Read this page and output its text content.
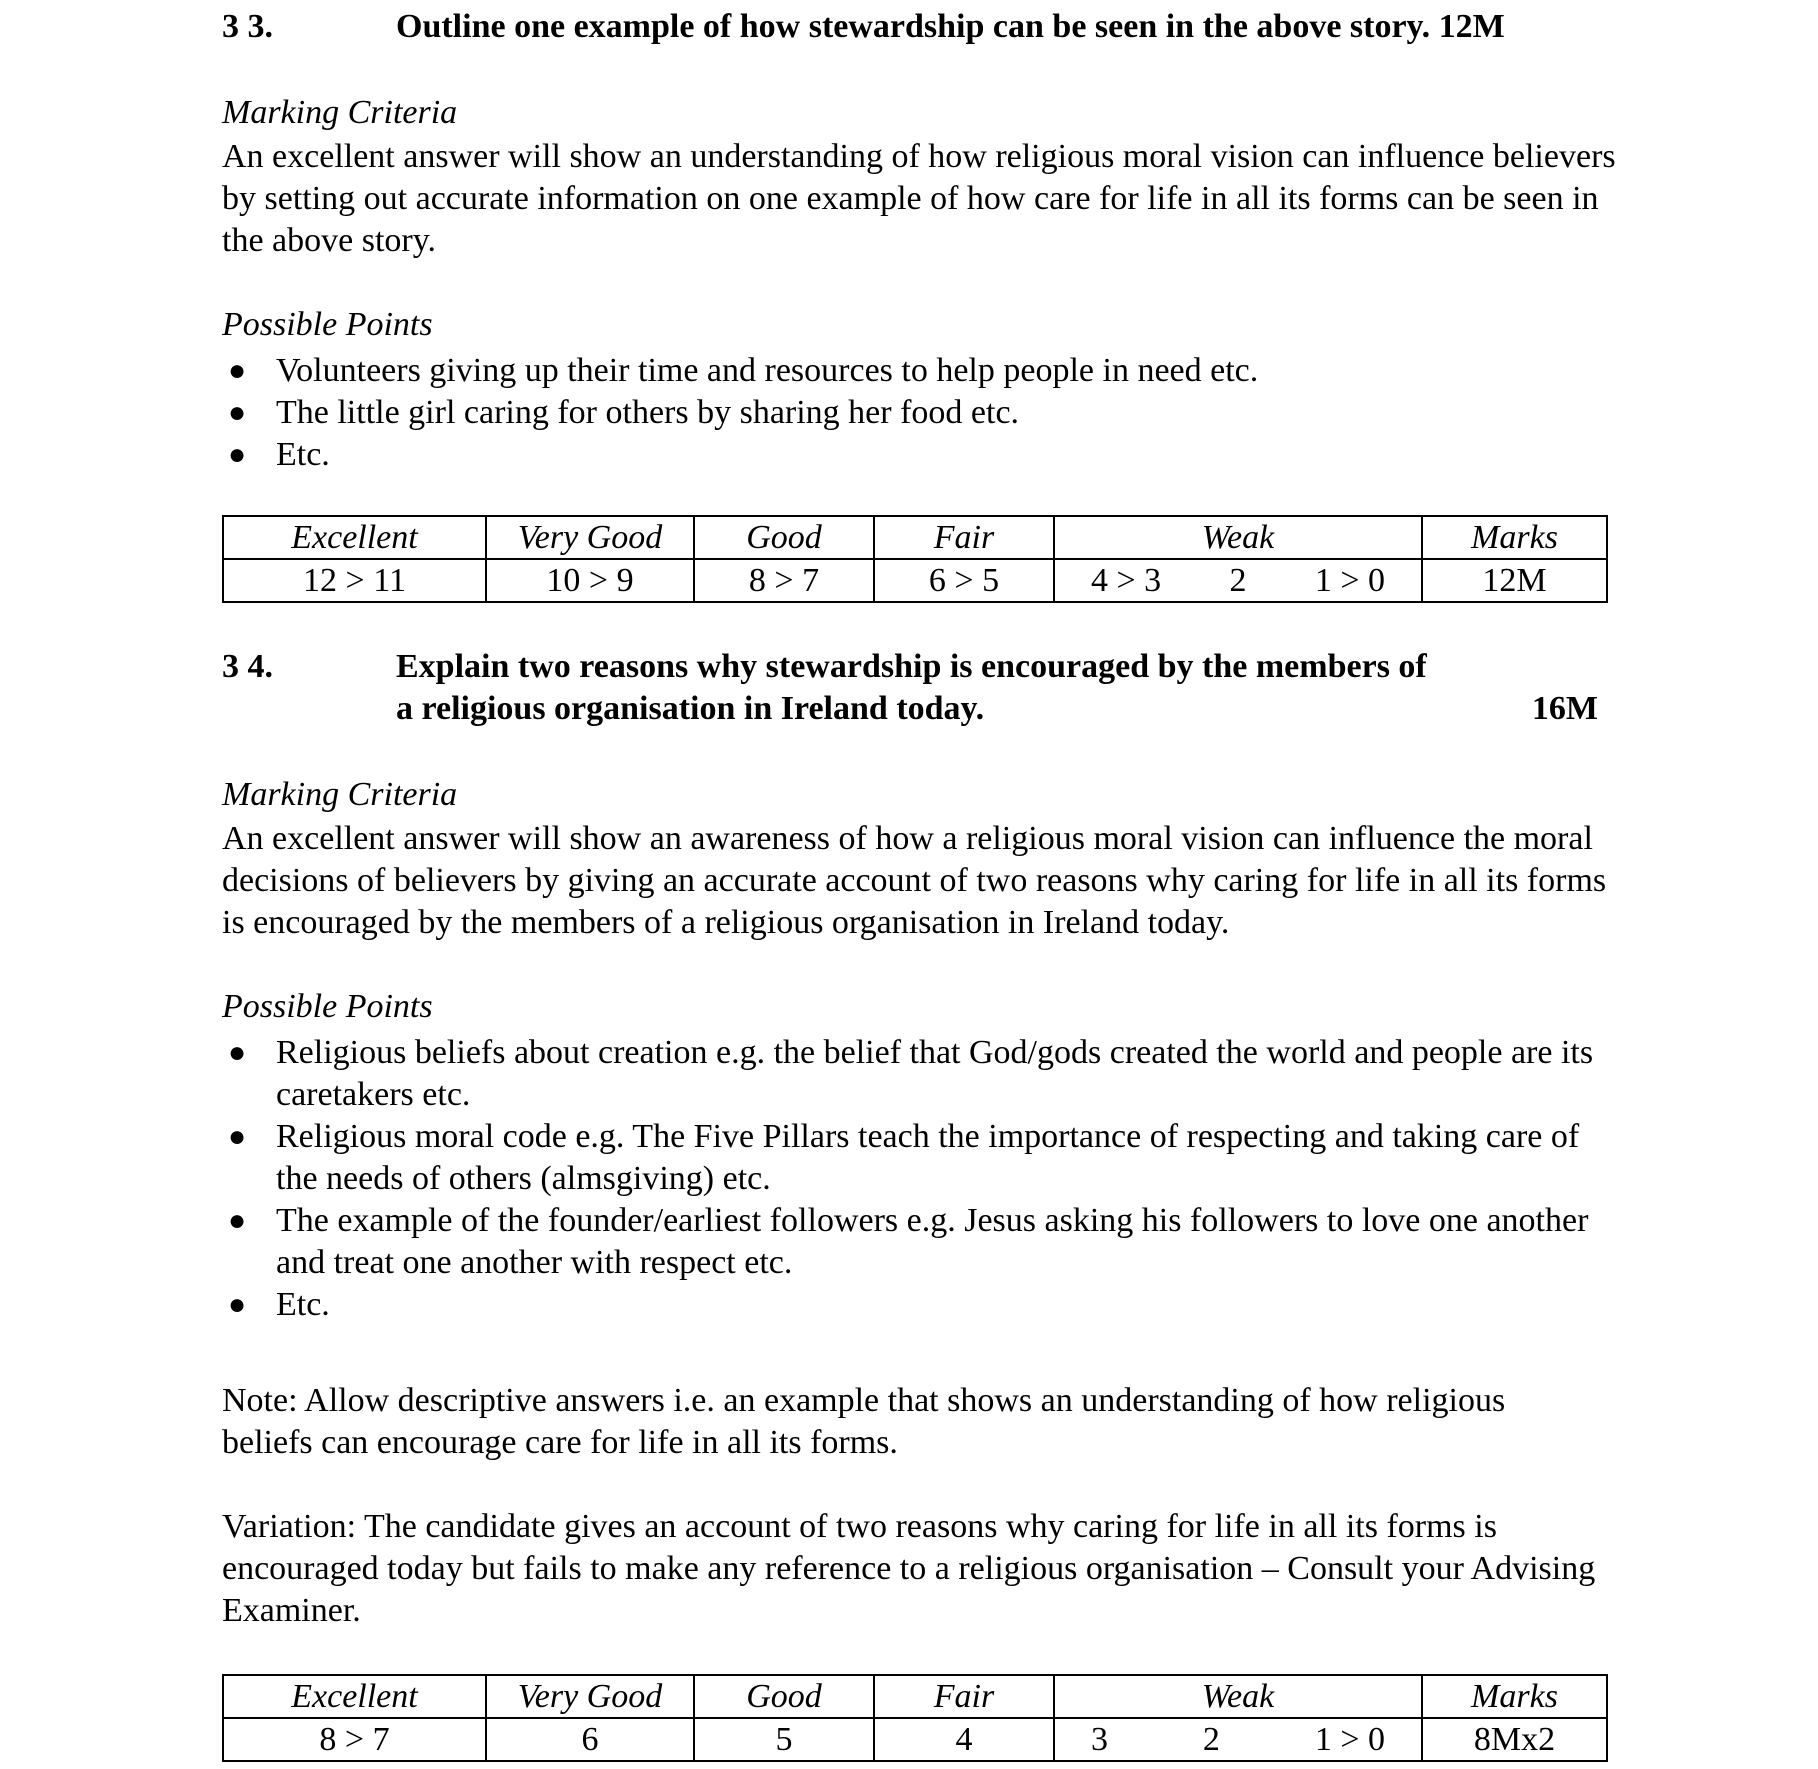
3 3.	Outline one example of how stewardship can be seen in the above story. 12M
Marking Criteria
An excellent answer will show an understanding of how religious moral vision can influence believers by setting out accurate information on one example of how care for life in all its forms can be seen in the above story.
Possible Points
● Volunteers giving up their time and resources to help people in need etc.
● The little girl caring for others by sharing her food etc.
● Etc.
Excellent	Very Good	Good	Fair	Weak	Marks
12 > 11	10 > 9	8 > 7	6 > 5	4 > 3 2 1 > 0	12M
3 4.	Explain two reasons why stewardship is encouraged by the members of
a religious organisation in Ireland today.	16M
Marking Criteria
An excellent answer will show an awareness of how a religious moral vision can influence the moral decisions of believers by giving an accurate account of two reasons why caring for life in all its forms is encouraged by the members of a religious organisation in Ireland today.
Possible Points
● Religious beliefs about creation e.g. the belief that God/gods created the world and people are its caretakers etc.
● Religious moral code e.g. The Five Pillars teach the importance of respecting and taking care of the needs of others (almsgiving) etc.
● The example of the founder/earliest followers e.g. Jesus asking his followers to love one another and treat one another with respect etc.
● Etc.
Note: Allow descriptive answers i.e. an example that shows an understanding of how religious beliefs can encourage care for life in all its forms.
Variation: The candidate gives an account of two reasons why caring for life in all its forms is encouraged today but fails to make any reference to a religious organisation – Consult your Advising Examiner.
Excellent	Very Good	Good	Fair	Weak	Marks
8 > 7	6	5	4	3 2 1 > 0	8Mx2
